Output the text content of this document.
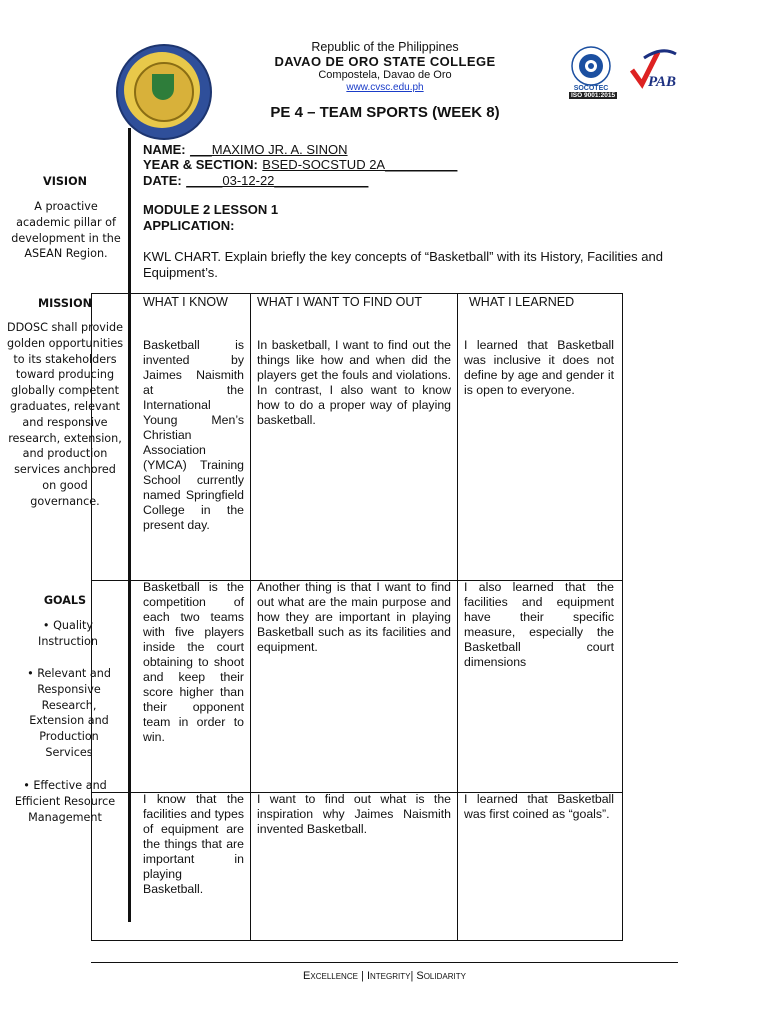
Republic of the Philippines
DAVAO DE ORO STATE COLLEGE
Compostela, Davao de Oro
www.cvsc.edu.ph
PE 4 – TEAM SPORTS (WEEK 8)
SOCOTEC
ISO 9001:2015
PAB
VISION
A proactive academic pillar of development in the ASEAN Region.
MISSION
DDOSC shall provide golden opportunities to its stakeholders toward producing globally competent graduates, relevant and responsive research, extension, and production services anchored on good governance.
GOALS
• Quality Instruction
• Relevant and Responsive Research, Extension and Production Services
• Effective and Efficient Resource Management
NAME: ___MAXIMO JR. A. SINON
YEAR & SECTION: BSED-SOCSTUD 2A__________
DATE: _____03-12-22_____________
MODULE 2 LESSON 1
APPLICATION:
KWL CHART. Explain briefly the key concepts of “Basketball” with its History, Facilities and Equipment’s.
WHAT I KNOW	WHAT I WANT TO FIND OUT	WHAT I LEARNED
Basketball is invented by Jaimes Naismith at the International Young Men’s Christian Association (YMCA) Training School currently named Springfield College in the present day.
In basketball, I want to find out the things like how and when did the players get the fouls and violations. In contrast, I also want to know how to do a proper way of playing basketball.
I learned that Basketball was inclusive it does not define by age and gender it is open to everyone.
Basketball is the competition of each two teams with five players inside the court obtaining to shoot and keep their score higher than their opponent team in order to win.
Another thing is that I want to find out what are the main purpose and how they are important in playing Basketball such as its facilities and equipment.
I also learned that the facilities and equipment have their specific measure, especially the Basketball court dimensions
I know that the facilities and types of equipment are the things that are important in playing Basketball.
I want to find out what is the inspiration why Jaimes Naismith invented Basketball.
I learned that Basketball was first coined as “goals”.
Excellence | Integrity| Solidarity
